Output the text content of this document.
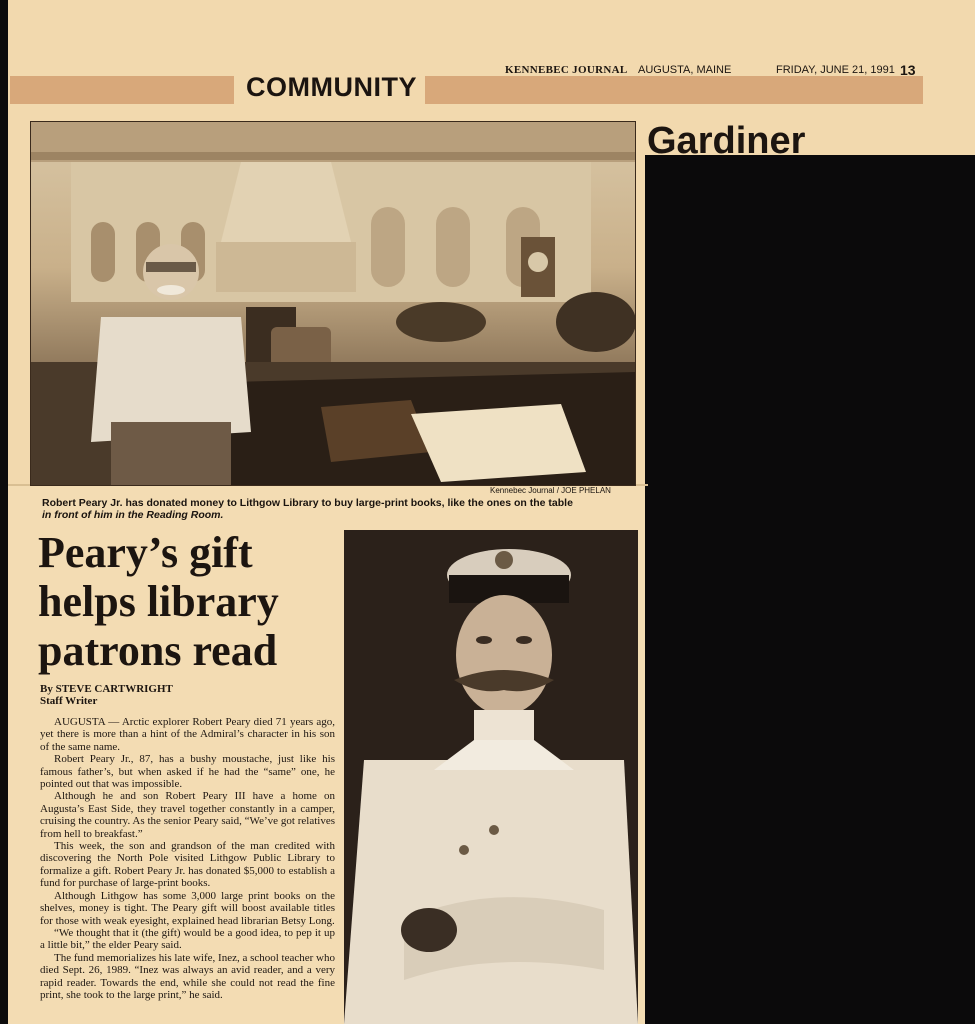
COMMUNITY
KENNEBEC JOURNAL AUGUSTA, MAINE	FRIDAY, JUNE 21, 1991 13
Gardiner
Kennebec Journal / JOE PHELAN
Robert Peary Jr. has donated money to Lithgow Library to buy large-print books, like the ones on the table
in front of him in the Reading Room.
Peary’s gift helps library patrons read
By STEVE CARTWRIGHT
Staff Writer

AUGUSTA — Arctic explorer Robert Peary died 71 years ago, yet there is more than a hint of the Admiral’s character in his son of the same name.

Robert Peary Jr., 87, has a bushy moustache, just like his famous father’s, but when asked if he had the “same” one, he pointed out that was impossible.

Although he and son Robert Peary III have a home on Augusta’s East Side, they travel together constantly in a camper, cruising the country. As the senior Peary said, “We’ve got relatives from hell to breakfast.”

This week, the son and grandson of the man credited with discovering the North Pole visited Lithgow Public Library to formalize a gift. Robert Peary Jr. has donated $5,000 to establish a fund for purchase of large-print books.

Although Lithgow has some 3,000 large print books on the shelves, money is tight. The Peary gift will boost available titles for those with weak eyesight, explained head librarian Betsy Long.

“We thought that it (the gift) would be a good idea, to pep it up a little bit,” the elder Peary said.

The fund memorializes his late wife, Inez, a school teacher who died Sept. 26, 1989. “Inez was always an avid reader, and a very rapid reader. Towards the end, while she could not read the fine print, she took to the large print,” he said.
